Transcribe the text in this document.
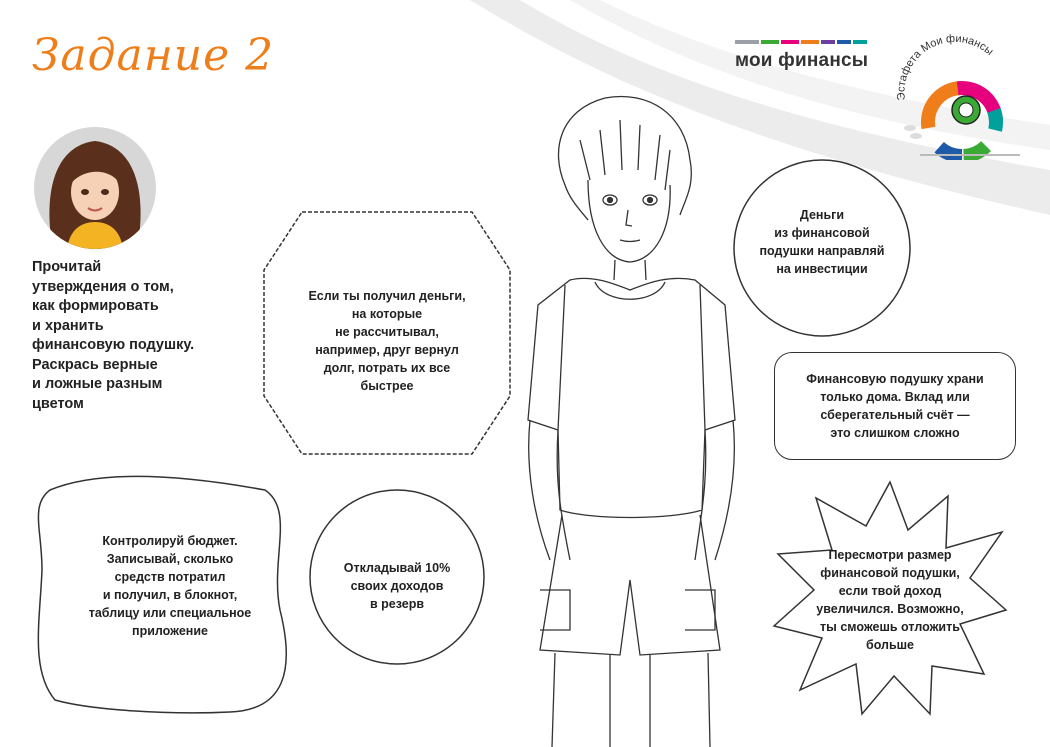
Задание 2	мои финансы
Эстафета Мои финансы
Прочитай
утверждения о том,
как формировать
и хранить
финансовую подушку.
Раскрась верные
и ложные разным
цветом
Если ты получил деньги,
на которые
не рассчитывал,
например, друг вернул
долг, потрать их все
быстрее
Деньги
из финансовой
подушки направляй
на инвестиции
Финансовую подушку храни
только дома. Вклад или
сберегательный счёт —
это слишком сложно
Контролируй бюджет.
Записывай, сколько
средств потратил
и получил, в блокнот,
таблицу или специальное
приложение
Откладывай 10%
своих доходов
в резерв
Пересмотри размер
финансовой подушки,
если твой доход
увеличился. Возможно,
ты сможешь отложить
больше
